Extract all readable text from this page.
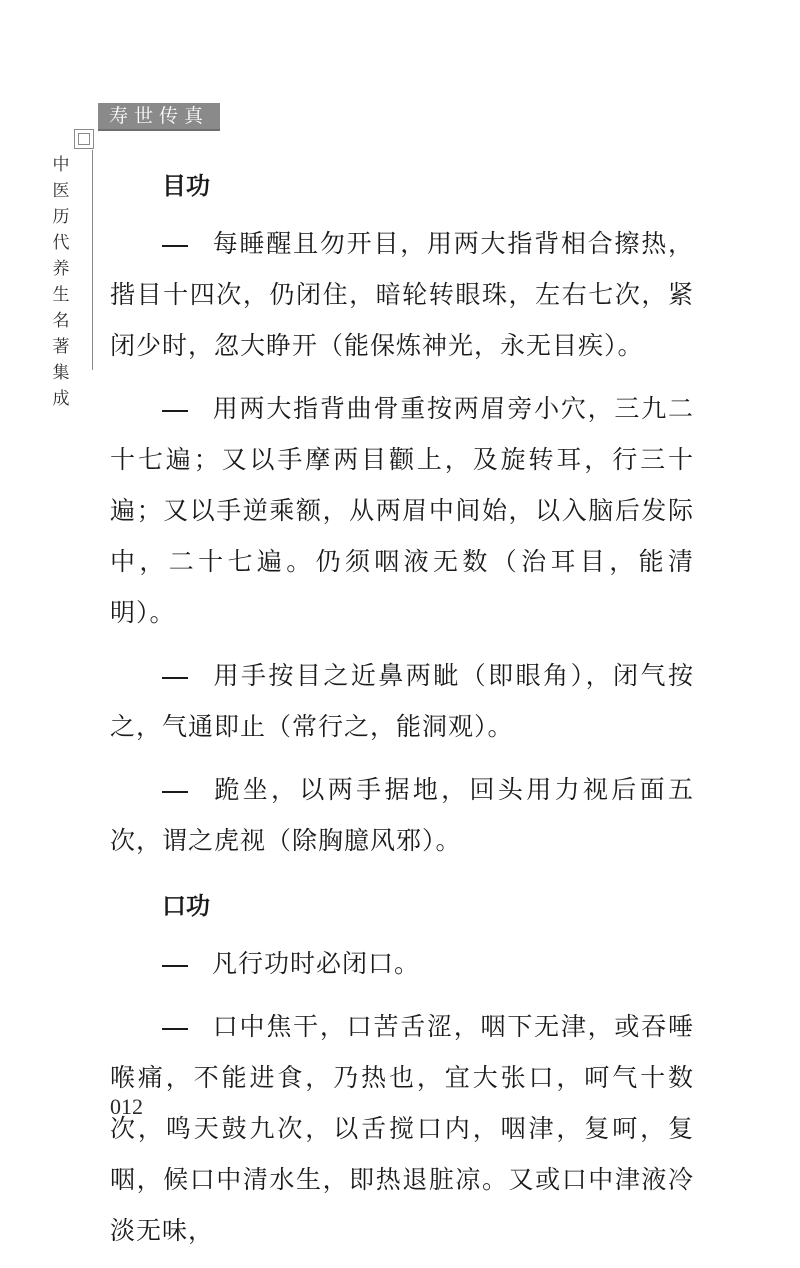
寿世传真
中
医
历
代
养
生
名
著
集
成
目功

每睡醒且勿开目，用两大指背相合擦热，揩目十四次，仍闭住，暗轮转眼珠，左右七次，紧闭少时，忽大睁开（能保炼神光，永无目疾）。

用两大指背曲骨重按两眉旁小穴，三九二十七遍；又以手摩两目颧上，及旋转耳，行三十遍；又以手逆乘额，从两眉中间始，以入脑后发际中，二十七遍。仍须咽液无数（治耳目，能清明）。

用手按目之近鼻两眦（即眼角），闭气按之，气通即止（常行之，能洞观）。

跪坐，以两手据地，回头用力视后面五次，谓之虎视（除胸臆风邪）。

口功

凡行功时必闭口。

口中焦干，口苦舌涩，咽下无津，或吞唾喉痛，不能进食，乃热也，宜大张口，呵气十数次，鸣天鼓九次，以舌搅口内，咽津，复呵，复咽，候口中清水生，即热退脏凉。又或口中津液冷淡无味，

012
